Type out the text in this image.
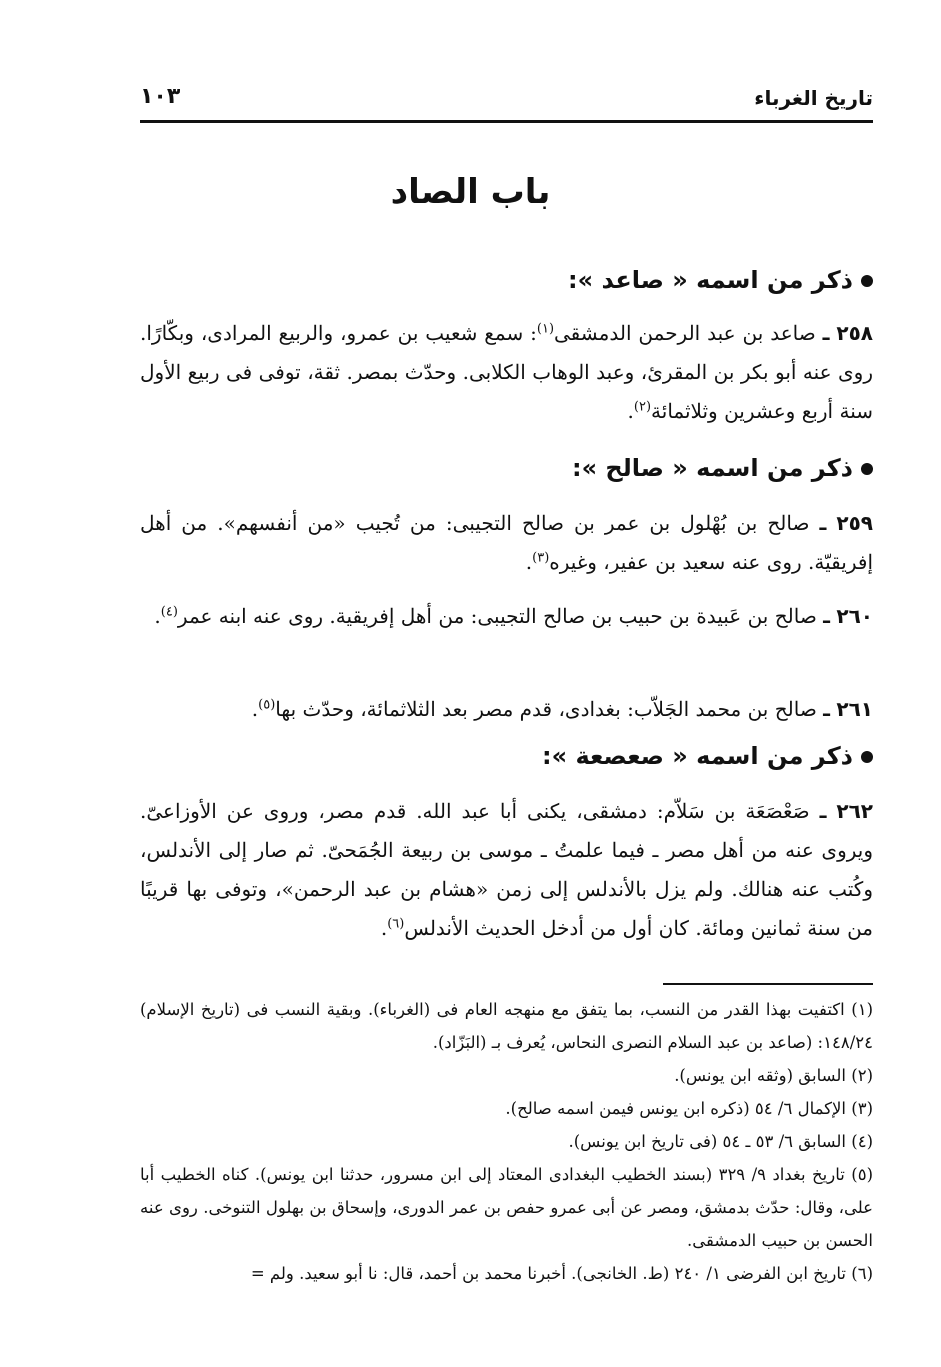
تاريخ الغرباء
١٠٣
باب الصاد
ذكر من اسمه « صاعد »:
٢٥٨ ـ صاعد بن عبد الرحمن الدمشقى$^{(١)}$: سمع شعيب بن عمرو، والربيع المرادى، وبكّارًا. روى عنه أبو بكر بن المقرئ، وعبد الوهاب الكلابى. وحدّث بمصر. ثقة، توفى فى ربيع الأول سنة أربع وعشرين وثلاثمائة$^{(٢)}$.
ذكر من اسمه « صالح »:
٢٥٩ ـ صالح بن بُهْلول بن عمر بن صالح التجيبى: من تُجيب «من أنفسهم». من أهل إفريقيّة. روى عنه سعيد بن عفير، وغيره$^{(٣)}$.
٢٦٠ ـ صالح بن عَبيدة بن حبيب بن صالح التجيبى: من أهل إفريقية. روى عنه ابنه عمر$^{(٤)}$.
٢٦١ ـ صالح بن محمد الجَلاّب: بغدادى، قدم مصر بعد الثلاثمائة، وحدّث بها$^{(٥)}$.
ذكر من اسمه « صعصعة »:
٢٦٢ ـ صَعْصَعَة بن سَلاّم: دمشقى، يكنى أبا عبد الله. قدم مصر، وروى عن الأوزاعىّ. ويروى عنه من أهل مصر ـ فيما علمتُ ـ موسى بن ربيعة الجُمَحىّ. ثم صار إلى الأندلس، وكُتب عنه هنالك. ولم يزل بالأندلس إلى زمن «هشام بن عبد الرحمن»، وتوفى بها قريبًا من سنة ثمانين ومائة. كان أول من أدخل الحديث الأندلس$^{(٦)}$.
(١) اكتفيت بهذا القدر من النسب، بما يتفق مع منهجه العام فى (الغرباء). وبقية النسب فى (تاريخ الإسلام) ١٤٨/٢٤: (صاعد بن عبد السلام النصرى النحاس، يُعرف بـ (البَزّاد).
(٢) السابق (وثقه ابن يونس).
(٣) الإكمال ٦/ ٥٤ (ذكره ابن يونس فيمن اسمه صالح).
(٤) السابق ٦/ ٥٣ ـ ٥٤ (فى تاريخ ابن يونس).
(٥) تاريخ بغداد ٩/ ٣٢٩ (بسند الخطيب البغدادى المعتاد إلى ابن مسرور، حدثنا ابن يونس). كناه الخطيب أبا على، وقال: حدّث بدمشق، ومصر عن أبى عمرو حفص بن عمر الدورى، وإسحاق بن بهلول التنوخى. روى عنه الحسن بن حبيب الدمشقى.
(٦) تاريخ ابن الفرضى ١/ ٢٤٠ (ط. الخانجى). أخبرنا محمد بن أحمد، قال: نا أبو سعيد. ولم =
